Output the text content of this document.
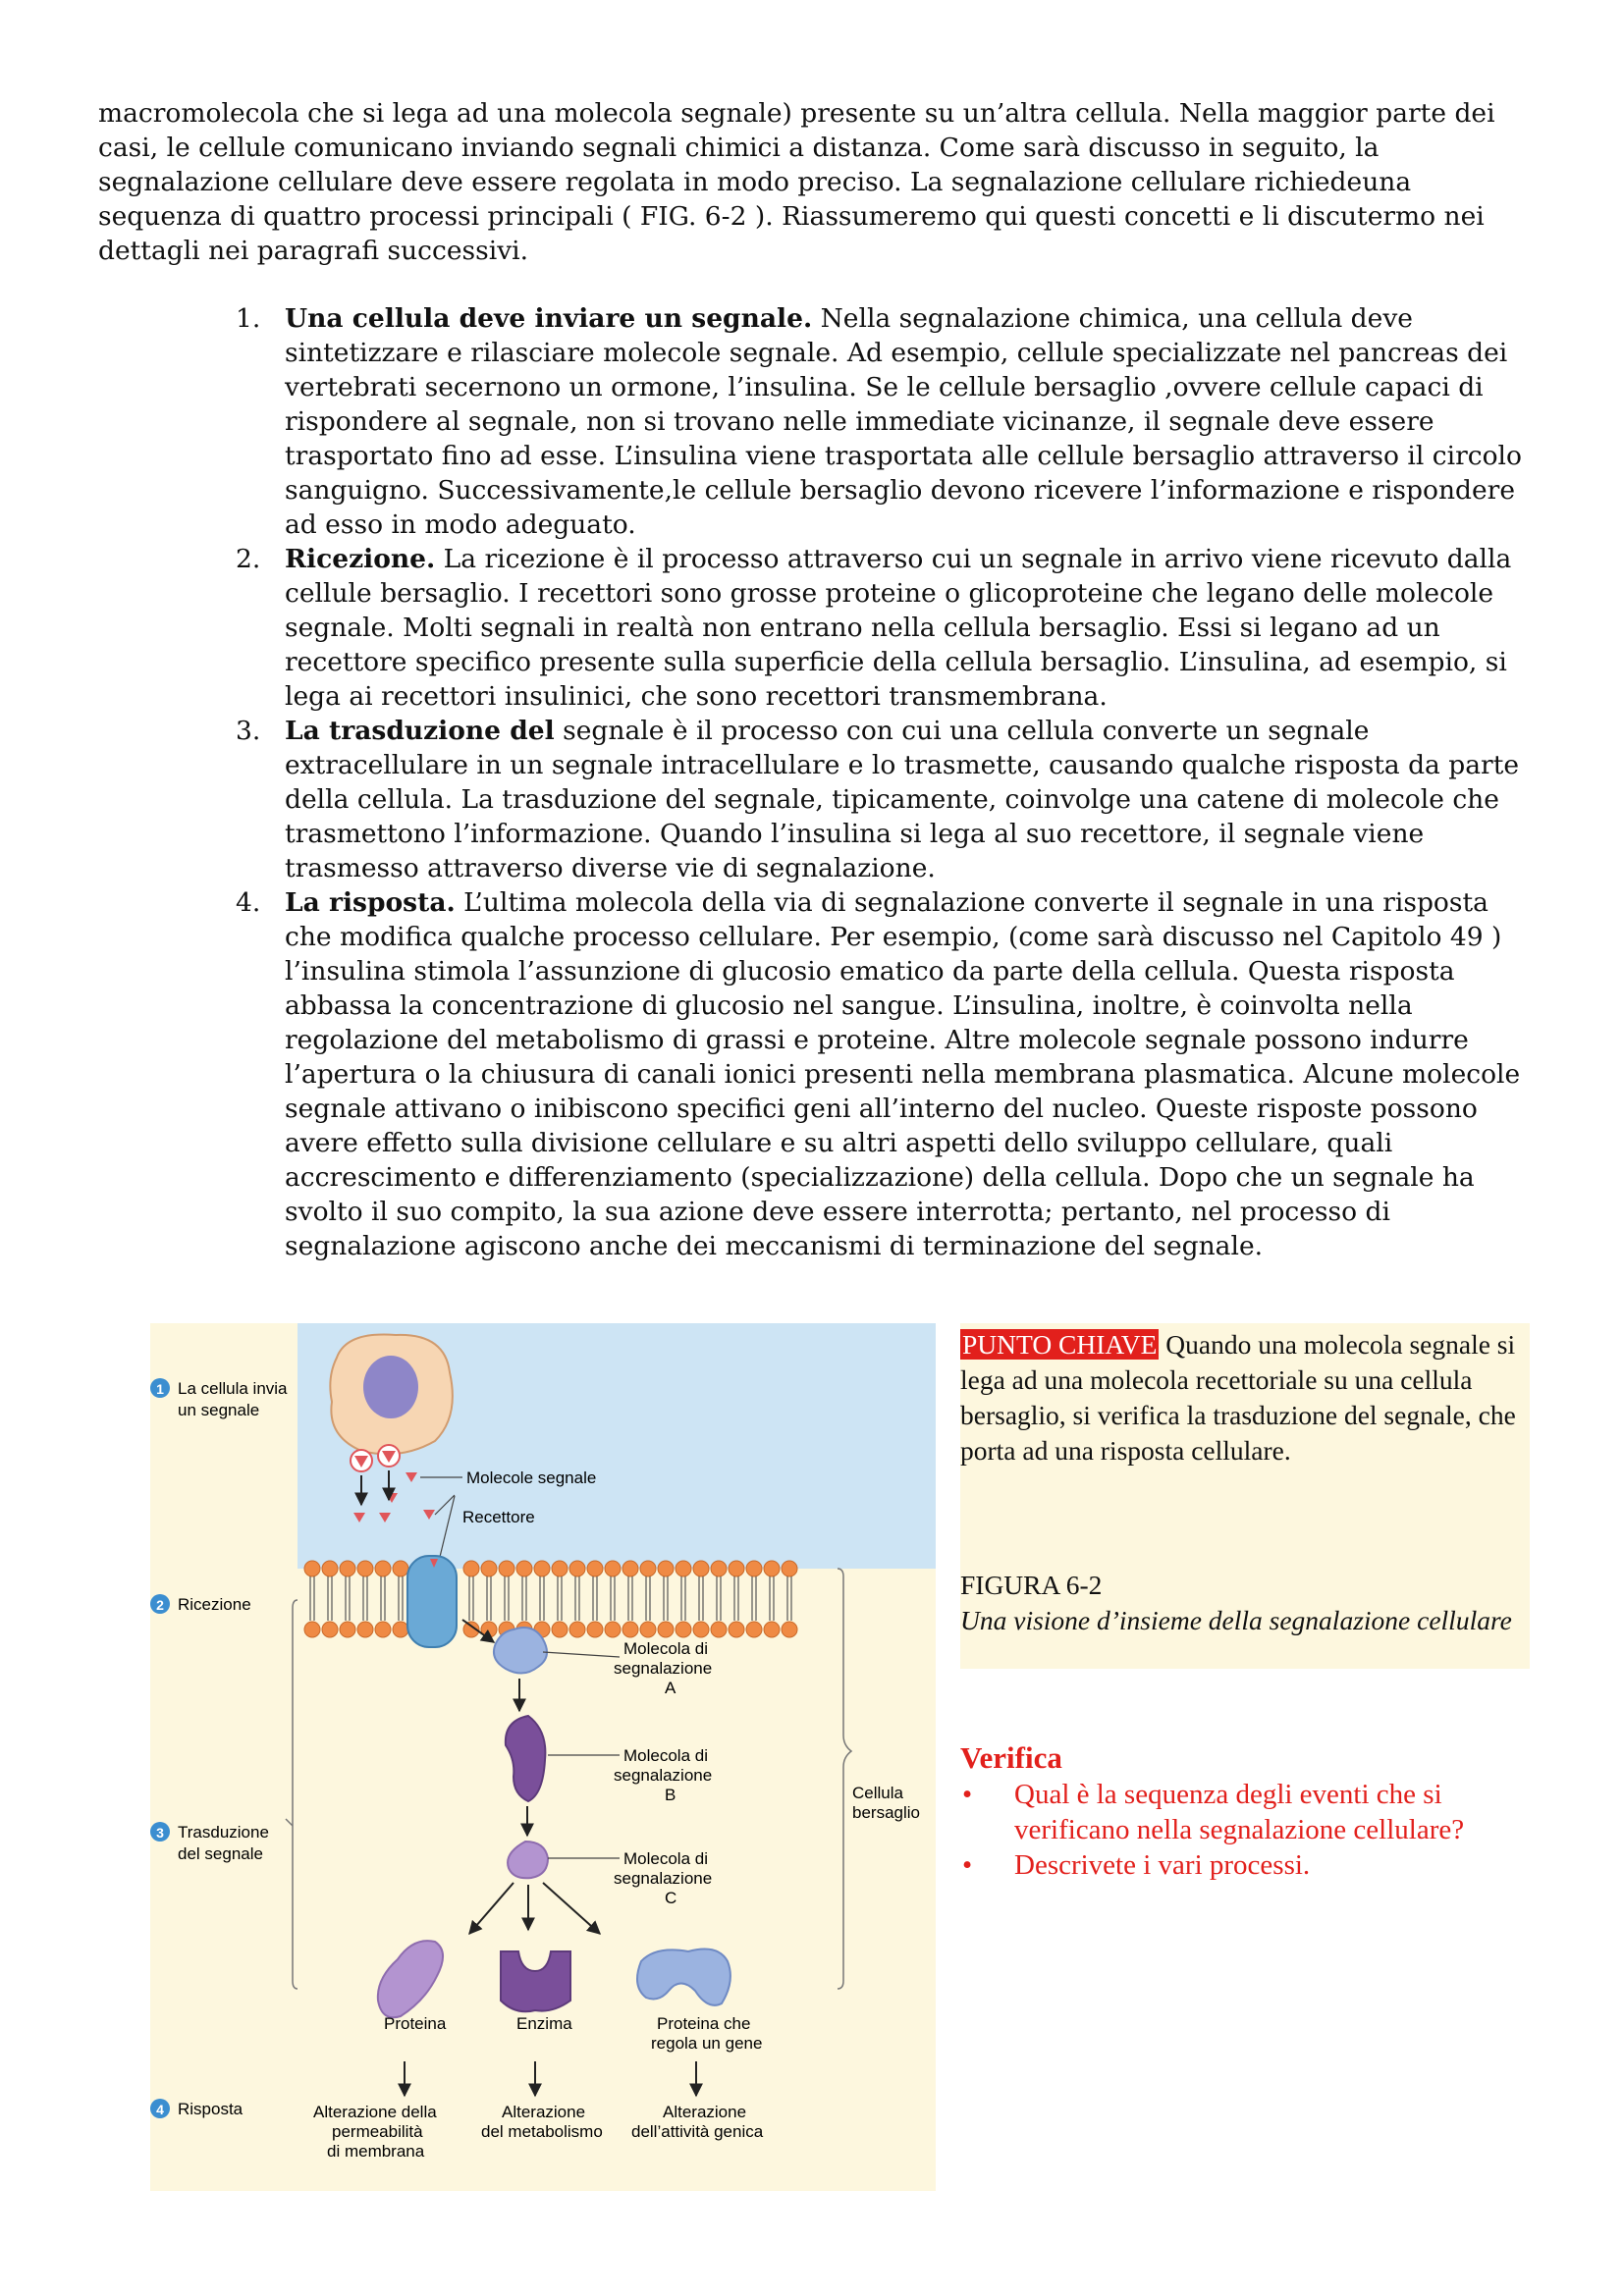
macromolecola che si lega ad una molecola segnale) presente su un’altra cellula. Nella maggior parte dei casi, le cellule comunicano inviando segnali chimici a distanza. Come sarà discusso in seguito, la segnalazione cellulare deve essere regolata in modo preciso. La segnalazione cellulare richiedeuna sequenza di quattro processi principali ( FIG. 6-2 ). Riassumeremo qui questi concetti e li discutermo nei dettagli nei paragrafi successivi.

1. Una cellula deve inviare un segnale. Nella segnalazione chimica, una cellula deve sintetizzare e rilasciare molecole segnale. Ad esempio, cellule specializzate nel pancreas dei vertebrati secernono un ormone, l’insulina. Se le cellule bersaglio ,ovvere cellule capaci di rispondere al segnale, non si trovano nelle immediate vicinanze, il segnale deve essere trasportato fino ad esse. L’insulina viene trasportata alle cellule bersaglio attraverso il circolo sanguigno. Successivamente,le cellule bersaglio devono ricevere l’informazione e rispondere ad esso in modo adeguato.
2. Ricezione. La ricezione è il processo attraverso cui un segnale in arrivo viene ricevuto dalla cellule bersaglio. I recettori sono grosse proteine o glicoproteine che legano delle molecole segnale. Molti segnali in realtà non entrano nella cellula bersaglio. Essi si legano ad un recettore specifico presente sulla superficie della cellula bersaglio. L’insulina, ad esempio, si lega ai recettori insulinici, che sono recettori transmembrana.
3. La trasduzione del segnale è il processo con cui una cellula converte un segnale extracellulare in un segnale intracellulare e lo trasmette, causando qualche risposta da parte della cellula. La trasduzione del segnale, tipicamente, coinvolge una catene di molecole che trasmettono l’informazione. Quando l’insulina si lega al suo recettore, il segnale viene trasmesso attraverso diverse vie di segnalazione.
4. La risposta. L’ultima molecola della via di segnalazione converte il segnale in una risposta che modifica qualche processo cellulare. Per esempio, (come sarà discusso nel Capitolo 49 ) l’insulina stimola l’assunzione di glucosio ematico da parte della cellula. Questa risposta abbassa la concentrazione di glucosio nel sangue. L’insulina, inoltre, è coinvolta nella regolazione del metabolismo di grassi e proteine. Altre molecole segnale possono indurre l’apertura o la chiusura di canali ionici presenti nella membrana plasmatica. Alcune molecole segnale attivano o inibiscono specifici geni all’interno del nucleo. Queste risposte possono avere effetto sulla divisione cellulare e su altri aspetti dello sviluppo cellulare, quali accrescimento e differenziamento (specializzazione) della cellula. Dopo che un segnale ha svolto il suo compito, la sua azione deve essere interrotta; pertanto, nel processo di segnalazione agiscono anche dei meccanismi di terminazione del segnale.
Molecole segnale
Recettore
Molecola di
segnalazione
A
Molecola di
segnalazione
B
Molecola di
segnalazione
C
Proteina	Enzima	Proteina che
regola un gene
Alterazione della
permeabilità
di membrana
Alterazione
del metabolismo
Alterazione
dell’attività genica
Cellula
bersaglio
1 La cellula invia
un segnale
2 Ricezione
3 Trasduzione
del segnale
4 Risposta
PUNTO CHIAVE Quando una molecola segnale si lega ad una molecola recettoriale su una cellula bersaglio, si verifica la trasduzione del segnale, che porta ad una risposta cellulare.
FIGURA 6-2
Una visione d’insieme della segnalazione cellulare
Verifica
• Qual è la sequenza degli eventi che si verificano nella segnalazione cellulare?
• Descrivete i vari processi.
